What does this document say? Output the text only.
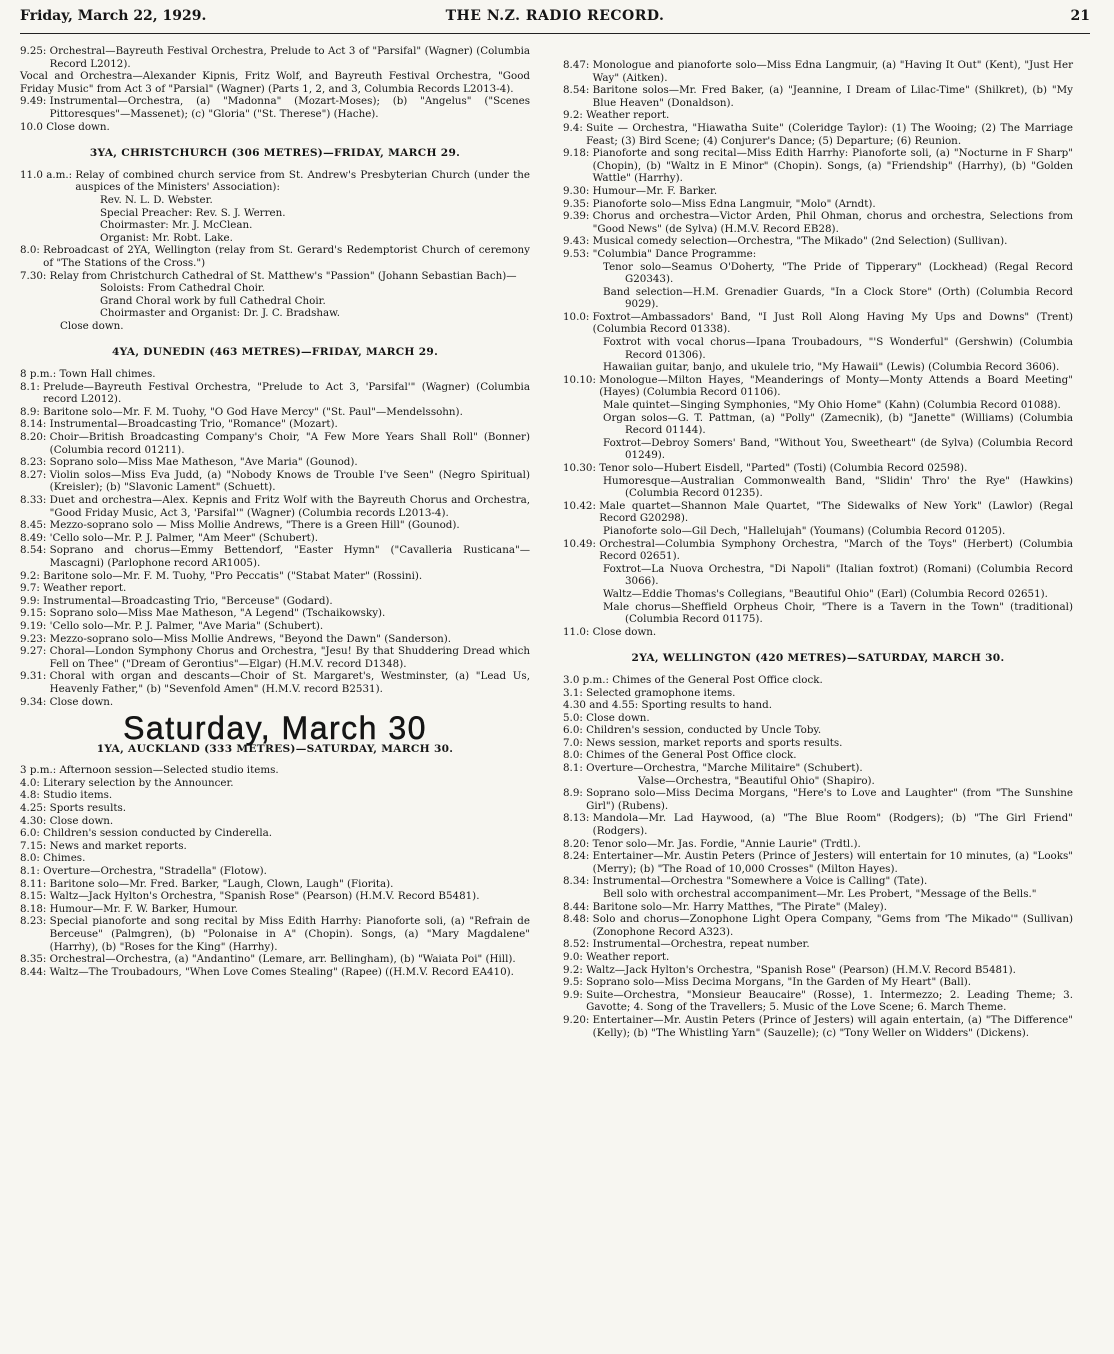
Friday, March 22, 1929.	THE N.Z. RADIO RECORD.	21
9.25: Orchestral—Bayreuth Festival Orchestra, Prelude to Act 3 of "Parsifal" (Wagner) (Columbia Record L2012).
Vocal and Orchestra—Alexander Kipnis, Fritz Wolf, and Bayreuth Festival Orchestra, "Good Friday Music" from Act 3 of "Parsial" (Wagner) (Parts 1, 2, and 3, Columbia Records L2013-4).
9.49: Instrumental—Orchestra, (a) "Madonna" (Mozart-Moses); (b) "Angelus" ("Scenes Pittoresques"—Massenet); (c) "Gloria" ("St. Therese") (Hache).
10.0 Close down.
3YA, CHRISTCHURCH (306 METRES)—FRIDAY, MARCH 29.
11.0 a.m.: Relay of combined church service from St. Andrew's Presbyterian Church (under the auspices of the Ministers' Association):
Rev. N. L. D. Webster.
Special Preacher: Rev. S. J. Werren.
Choirmaster: Mr. J. McClean.
Organist: Mr. Robt. Lake.
8.0: Rebroadcast of 2YA, Wellington (relay from St. Gerard's Redemptorist Church of ceremony of "The Stations of the Cross.")
7.30: Relay from Christchurch Cathedral of St. Matthew's "Passion" (Johann Sebastian Bach)—
Soloists: From Cathedral Choir.
Grand Choral work by full Cathedral Choir.
Choirmaster and Organist: Dr. J. C. Bradshaw.
Close down.
4YA, DUNEDIN (463 METRES)—FRIDAY, MARCH 29.
8 p.m.: Town Hall chimes.
8.1: Prelude—Bayreuth Festival Orchestra, "Prelude to Act 3, 'Parsifal'" (Wagner) (Columbia record L2012).
8.9: Baritone solo—Mr. F. M. Tuohy, "O God Have Mercy" ("St. Paul"—Mendelssohn).
8.14: Instrumental—Broadcasting Trio, "Romance" (Mozart).
8.20: Choir—British Broadcasting Company's Choir, "A Few More Years Shall Roll" (Bonner) (Columbia record 01211).
8.23: Soprano solo—Miss Mae Matheson, "Ave Maria" (Gounod).
8.27: Violin solos—Miss Eva Judd, (a) "Nobody Knows de Trouble I've Seen" (Negro Spiritual) (Kreisler); (b) "Slavonic Lament" (Schuett).
8.33: Duet and orchestra—Alex. Kepnis and Fritz Wolf with the Bayreuth Chorus and Orchestra, "Good Friday Music, Act 3, 'Parsifal'" (Wagner) (Columbia records L2013-4).
8.45: Mezzo-soprano solo — Miss Mollie Andrews, "There is a Green Hill" (Gounod).
8.49: 'Cello solo—Mr. P. J. Palmer, "Am Meer" (Schubert).
8.54: Soprano and chorus—Emmy Bettendorf, "Easter Hymn" ("Cavalleria Rusticana"—Mascagni) (Parlophone record AR1005).
9.2: Baritone solo—Mr. F. M. Tuohy, "Pro Peccatis" ("Stabat Mater" (Rossini).
9.7: Weather report.
9.9: Instrumental—Broadcasting Trio, "Berceuse" (Godard).
9.15: Soprano solo—Miss Mae Matheson, "A Legend" (Tschaikowsky).
9.19: 'Cello solo—Mr. P. J. Palmer, "Ave Maria" (Schubert).
9.23: Mezzo-soprano solo—Miss Mollie Andrews, "Beyond the Dawn" (Sanderson).
9.27: Choral—London Symphony Chorus and Orchestra, "Jesu! By that Shuddering Dread which Fell on Thee" ("Dream of Gerontius"—Elgar) (H.M.V. record D1348).
9.31: Choral with organ and descants—Choir of St. Margaret's, Westminster, (a) "Lead Us, Heavenly Father," (b) "Sevenfold Amen" (H.M.V. record B2531).
9.34: Close down.
Saturday, March 30
1YA, AUCKLAND (333 METRES)—SATURDAY, MARCH 30.
3 p.m.: Afternoon session—Selected studio items.
4.0: Literary selection by the Announcer.
4.8: Studio items.
4.25: Sports results.
4.30: Close down.
6.0: Children's session conducted by Cinderella.
7.15: News and market reports.
8.0: Chimes.
8.1: Overture—Orchestra, "Stradella" (Flotow).
8.11: Baritone solo—Mr. Fred. Barker, "Laugh, Clown, Laugh" (Fiorita).
8.15: Waltz—Jack Hylton's Orchestra, "Spanish Rose" (Pearson) (H.M.V. Record B5481).
8.18: Humour—Mr. F. W. Barker, Humour.
8.23: Special pianoforte and song recital by Miss Edith Harrhy: Pianoforte soli, (a) "Refrain de Berceuse" (Palmgren), (b) "Polonaise in A" (Chopin). Songs, (a) "Mary Magdalene" (Harrhy), (b) "Roses for the King" (Harrhy).
8.35: Orchestral—Orchestra, (a) "Andantino" (Lemare, arr. Bellingham), (b) "Waiata Poi" (Hill).
8.44: Waltz—The Troubadours, "When Love Comes Stealing" (Rapee) ((H.M.V. Record EA410).
8.47: Monologue and pianoforte solo—Miss Edna Langmuir, (a) "Having It Out" (Kent), "Just Her Way" (Aitken).
8.54: Baritone solos—Mr. Fred Baker, (a) "Jeannine, I Dream of Lilac-Time" (Shilkret), (b) "My Blue Heaven" (Donaldson).
9.2: Weather report.
9.4: Suite — Orchestra, "Hiawatha Suite" (Coleridge Taylor): (1) The Wooing; (2) The Marriage Feast; (3) Bird Scene; (4) Conjurer's Dance; (5) Departure; (6) Reunion.
9.18: Pianoforte and song recital—Miss Edith Harrhy: Pianoforte soli, (a) "Nocturne in F Sharp" (Chopin), (b) "Waltz in E Minor" (Chopin). Songs, (a) "Friendship" (Harrhy), (b) "Golden Wattle" (Harrhy).
9.30: Humour—Mr. F. Barker.
9.35: Pianoforte solo—Miss Edna Langmuir, "Molo" (Arndt).
9.39: Chorus and orchestra—Victor Arden, Phil Ohman, chorus and orchestra, Selections from "Good News" (de Sylva) (H.M.V. Record EB28).
9.43: Musical comedy selection—Orchestra, "The Mikado" (2nd Selection) (Sullivan).
9.53: "Columbia" Dance Programme:
Tenor solo—Seamus O'Doherty, "The Pride of Tipperary" (Lockhead) (Regal Record G20343).
Band selection—H.M. Grenadier Guards, "In a Clock Store" (Orth) (Columbia Record 9029).
10.0: Foxtrot—Ambassadors' Band, "I Just Roll Along Having My Ups and Downs" (Trent) (Columbia Record 01338).
Foxtrot with vocal chorus—Ipana Troubadours, "'S Wonderful" (Gershwin) (Columbia Record 01306).
Hawaiian guitar, banjo, and ukulele trio, "My Hawaii" (Lewis) (Columbia Record 3606).
10.10: Monologue—Milton Hayes, "Meanderings of Monty—Monty Attends a Board Meeting" (Hayes) (Columbia Record 01106).
Male quintet—Singing Symphonies, "My Ohio Home" (Kahn) (Columbia Record 01088).
Organ solos—G. T. Pattman, (a) "Polly" (Zamecnik), (b) "Janette" (Williams) (Columbia Record 01144).
Foxtrot—Debroy Somers' Band, "Without You, Sweetheart" (de Sylva) (Columbia Record 01249).
10.30: Tenor solo—Hubert Eisdell, "Parted" (Tosti) (Columbia Record 02598).
Humoresque—Australian Commonwealth Band, "Slidin' Thro' the Rye" (Hawkins) (Columbia Record 01235).
10.42: Male quartet—Shannon Male Quartet, "The Sidewalks of New York" (Lawlor) (Regal Record G20298).
Pianoforte solo—Gil Dech, "Hallelujah" (Youmans) (Columbia Record 01205).
10.49: Orchestral—Columbia Symphony Orchestra, "March of the Toys" (Herbert) (Columbia Record 02651).
Foxtrot—La Nuova Orchestra, "Di Napoli" (Italian foxtrot) (Romani) (Columbia Record 3066).
Waltz—Eddie Thomas's Collegians, "Beautiful Ohio" (Earl) (Columbia Record 02651).
Male chorus—Sheffield Orpheus Choir, "There is a Tavern in the Town" (traditional) (Columbia Record 01175).
11.0: Close down.
2YA, WELLINGTON (420 METRES)—SATURDAY, MARCH 30.
3.0 p.m.: Chimes of the General Post Office clock.
3.1: Selected gramophone items.
4.30 and 4.55: Sporting results to hand.
5.0: Close down.
6.0: Children's session, conducted by Uncle Toby.
7.0: News session, market reports and sports results.
8.0: Chimes of the General Post Office clock.
8.1: Overture—Orchestra, "Marche Militaire" (Schubert).
Valse—Orchestra, "Beautiful Ohio" (Shapiro).
8.9: Soprano solo—Miss Decima Morgans, "Here's to Love and Laughter" (from "The Sunshine Girl") (Rubens).
8.13: Mandola—Mr. Lad Haywood, (a) "The Blue Room" (Rodgers); (b) "The Girl Friend" (Rodgers).
8.20: Tenor solo—Mr. Jas. Fordie, "Annie Laurie" (Trdtl.).
8.24: Entertainer—Mr. Austin Peters (Prince of Jesters) will entertain for 10 minutes, (a) "Looks" (Merry); (b) "The Road of 10,000 Crosses" (Milton Hayes).
8.34: Instrumental—Orchestra "Somewhere a Voice is Calling" (Tate).
Bell solo with orchestral accompaniment—Mr. Les Probert, "Message of the Bells."
8.44: Baritone solo—Mr. Harry Matthes, "The Pirate" (Maley).
8.48: Solo and chorus—Zonophone Light Opera Company, "Gems from 'The Mikado'" (Sullivan) (Zonophone Record A323).
8.52: Instrumental—Orchestra, repeat number.
9.0: Weather report.
9.2: Waltz—Jack Hylton's Orchestra, "Spanish Rose" (Pearson) (H.M.V. Record B5481).
9.5: Soprano solo—Miss Decima Morgans, "In the Garden of My Heart" (Ball).
9.9: Suite—Orchestra, "Monsieur Beaucaire" (Rosse), 1. Intermezzo; 2. Leading Theme; 3. Gavotte; 4. Song of the Travellers; 5. Music of the Love Scene; 6. March Theme.
9.20: Entertainer—Mr. Austin Peters (Prince of Jesters) will again entertain, (a) "The Difference" (Kelly); (b) "The Whistling Yarn" (Sauzelle); (c) "Tony Weller on Widders" (Dickens).
